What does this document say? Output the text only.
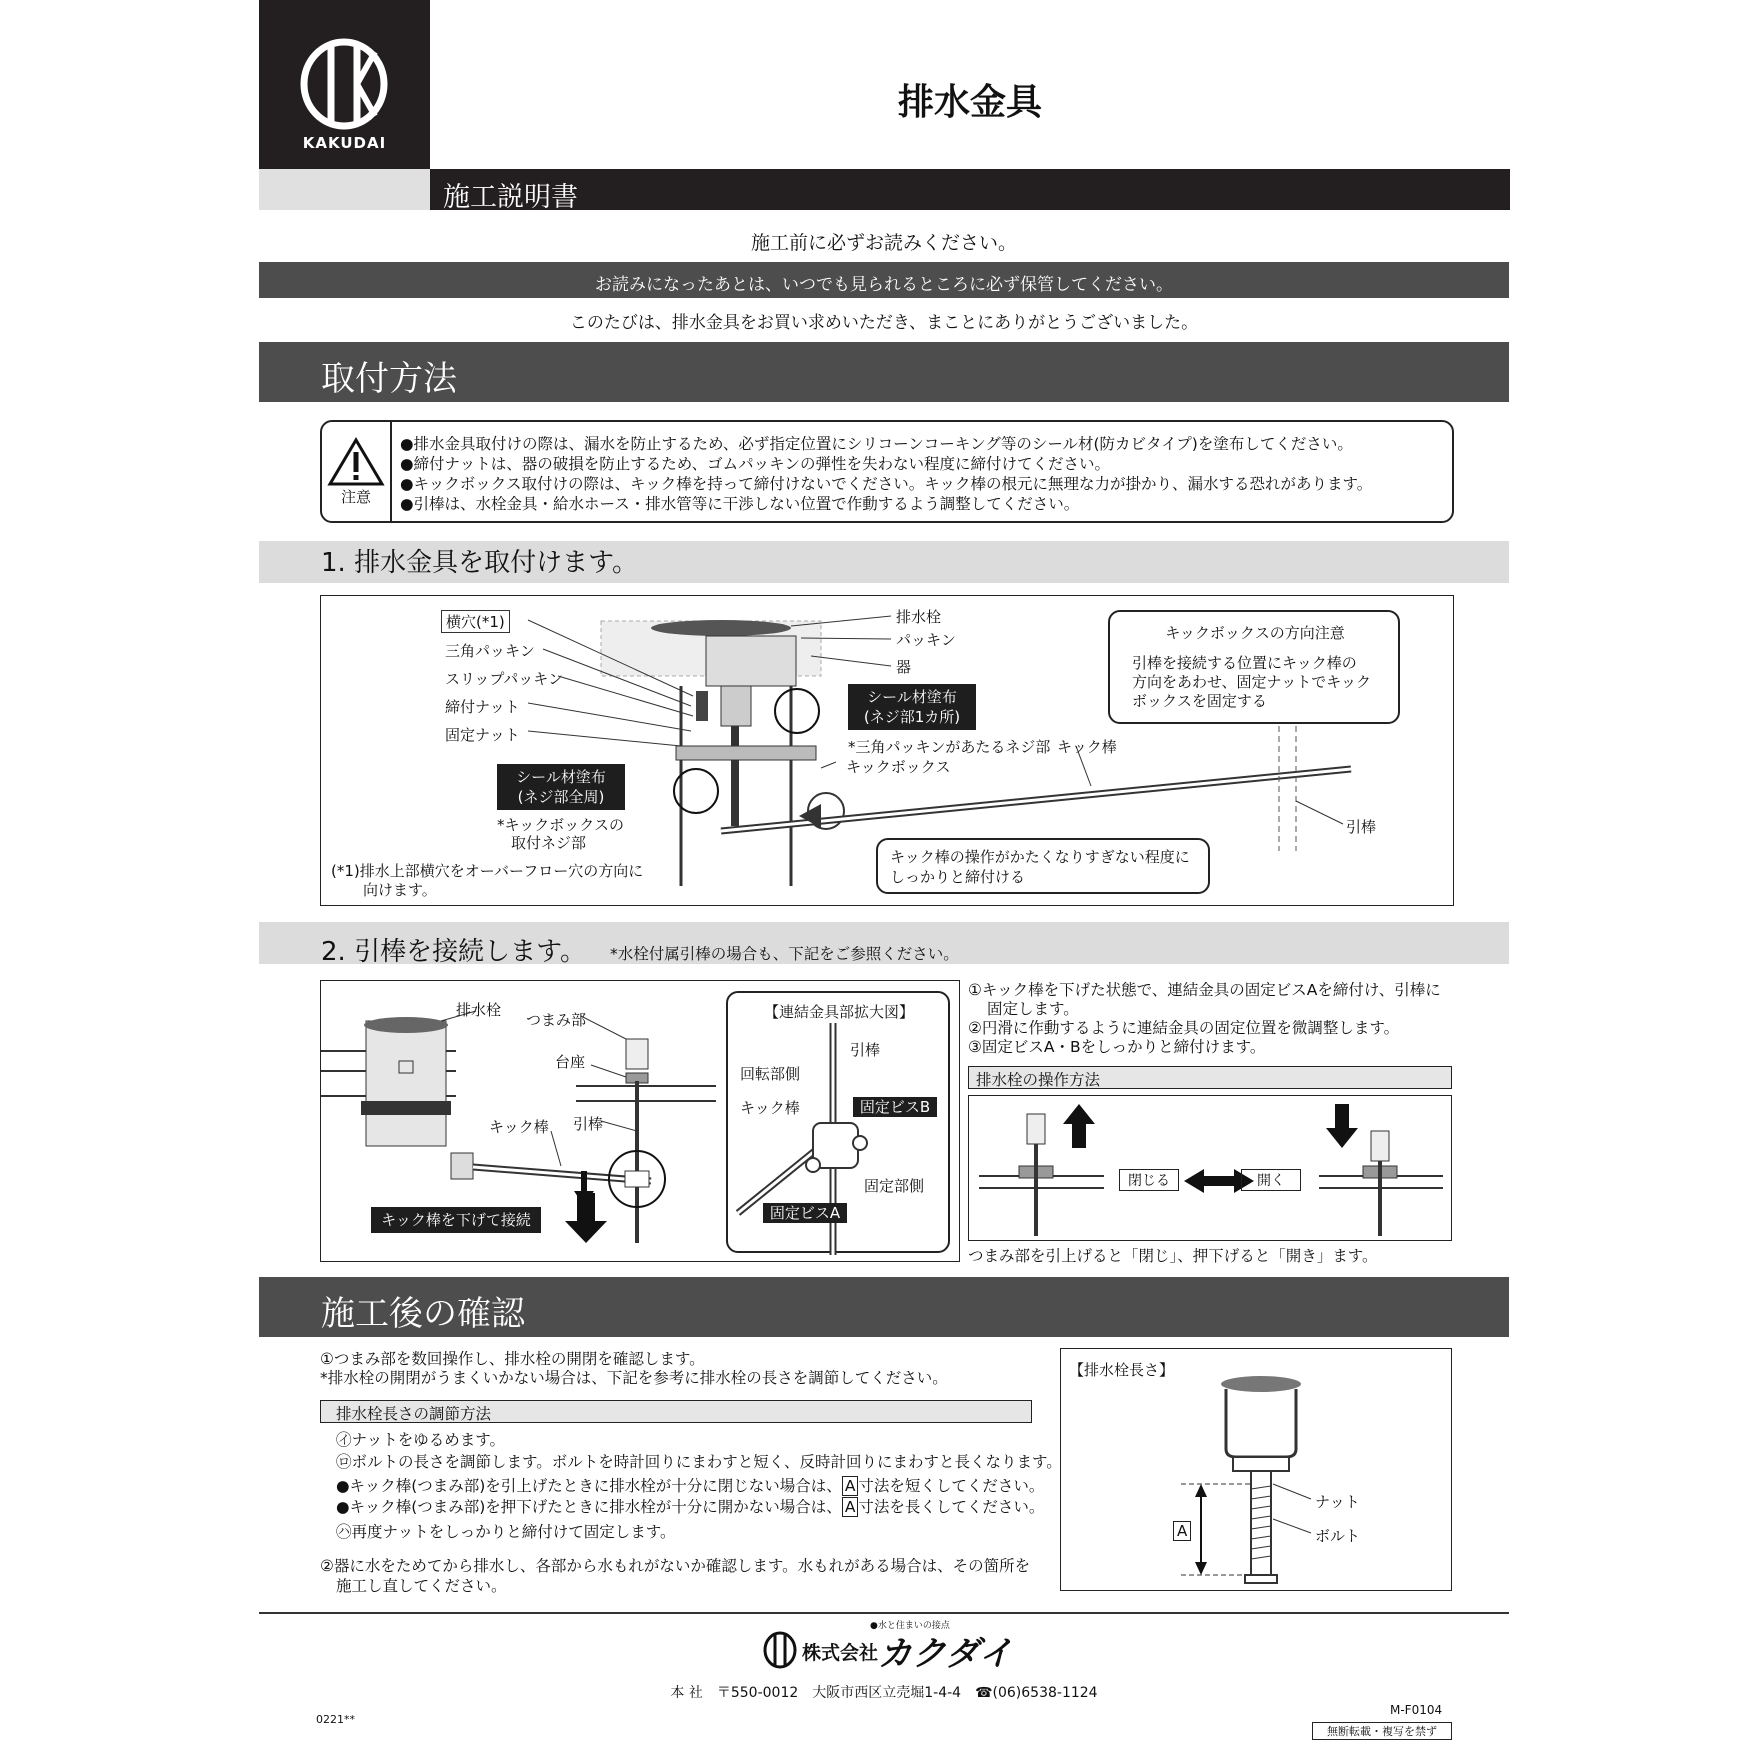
KAKUDAI
排水金具
施工説明書
施工前に必ずお読みください。
お読みになったあとは、いつでも見られるところに必ず保管してください。
このたびは、排水金具をお買い求めいただき、まことにありがとうございました。
取付方法
注意
●排水金具取付けの際は、漏水を防止するため、必ず指定位置にシリコーンコーキング等のシール材(防カビタイプ)を塗布してください。
●締付ナットは、器の破損を防止するため、ゴムパッキンの弾性を失わない程度に締付けてください。
●キックボックス取付けの際は、キック棒を持って締付けないでください。キック棒の根元に無理な力が掛かり、漏水する恐れがあります。
●引棒は、水栓金具・給水ホース・排水管等に干渉しない位置で作動するよう調整してください。
1. 排水金具を取付けます。
横穴(*1)
三角パッキン
スリップパッキン
締付ナット
固定ナット
排水栓
パッキン
器
シール材塗布
(ネジ部1カ所)
*三角パッキンがあたるネジ部
キックボックス
キック棒
引棒
シール材塗布
(ネジ部全周)
*キックボックスの
取付ネジ部
(*1)排水上部横穴をオーバーフロー穴の方向に
向けます。
キックボックスの方向注意
引棒を接続する位置にキック棒の
方向をあわせ、固定ナットでキック
ボックスを固定する
キック棒の操作がかたくなりすぎない程度に
しっかりと締付ける
2. 引棒を接続します。 *水栓付属引棒の場合も、下記をご参照ください。
排水栓
つまみ部
台座
キック棒 引棒
キック棒を下げて接続
【連結金具部拡大図】
引棒
回転部側
キック棒	固定ビスB
固定部側
固定ビスA
①キック棒を下げた状態で、連結金具の固定ビスAを締付け、引棒に
固定します。
②円滑に作動するように連結金具の固定位置を微調整します。
③固定ビスA・Bをしっかりと締付けます。
排水栓の操作方法
閉じる	開く
つまみ部を引上げると「閉じ」、押下げると「開き」ます。
施工後の確認
①つまみ部を数回操作し、排水栓の開閉を確認します。
*排水栓の開閉がうまくいかない場合は、下記を参考に排水栓の長さを調節してください。
排水栓長さの調節方法
㋑ナットをゆるめます。
㋺ボルトの長さを調節します。ボルトを時計回りにまわすと短く、反時計回りにまわすと長くなります。
●キック棒(つまみ部)を引上げたときに排水栓が十分に閉じない場合は、 A 寸法を短くしてください。
●キック棒(つまみ部)を押下げたときに排水栓が十分に開かない場合は、 A 寸法を長くしてください。
㋩再度ナットをしっかりと締付けて固定します。
②器に水をためてから排水し、各部から水もれがないか確認します。水もれがある場合は、その箇所を
施工し直してください。
【排水栓長さ】
ナット
ボルト
A
●水と住まいの接点
株式会社 カクダイ
本 社　〒550-0012　大阪市西区立売堀1-4-4　☎(06)6538-1124
M-F0104
0221**
無断転載・複写を禁ず
